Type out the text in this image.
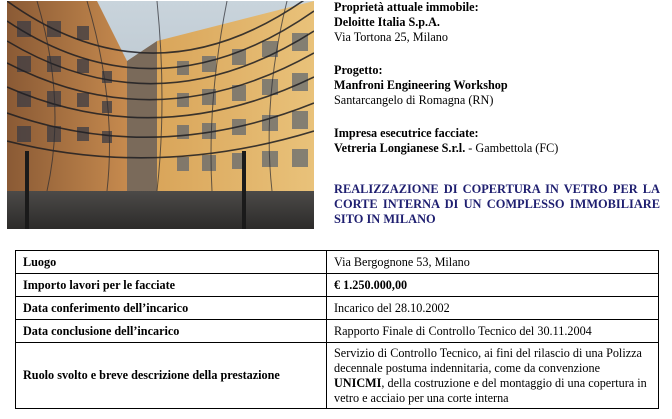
Proprietà attuale immobile:
Deloitte Italia S.p.A.
Via Tortona 25, Milano
Progetto:
Manfroni Engineering Workshop
Santarcangelo di Romagna (RN)
Impresa esecutrice facciate:
Vetreria Longianese S.r.l. - Gambettola (FC)
REALIZZAZIONE DI COPERTURA IN VETRO PER LA CORTE INTERNA DI UN COMPLESSO IMMOBILIARE SITO IN MILANO
Luogo	Via Bergognone 53, Milano
Importo lavori per le facciate	€ 1.250.000,00
Data conferimento dell’incarico	Incarico del 28.10.2002
Data conclusione dell’incarico	Rapporto Finale di Controllo Tecnico del 30.11.2004
Ruolo svolto e breve descrizione della prestazione	Servizio di Controllo Tecnico, ai fini del rilascio di una Polizza decennale postuma indennitaria, come da convenzione UNICMI, della costruzione e del montaggio di una copertura in vetro e acciaio per una corte interna
